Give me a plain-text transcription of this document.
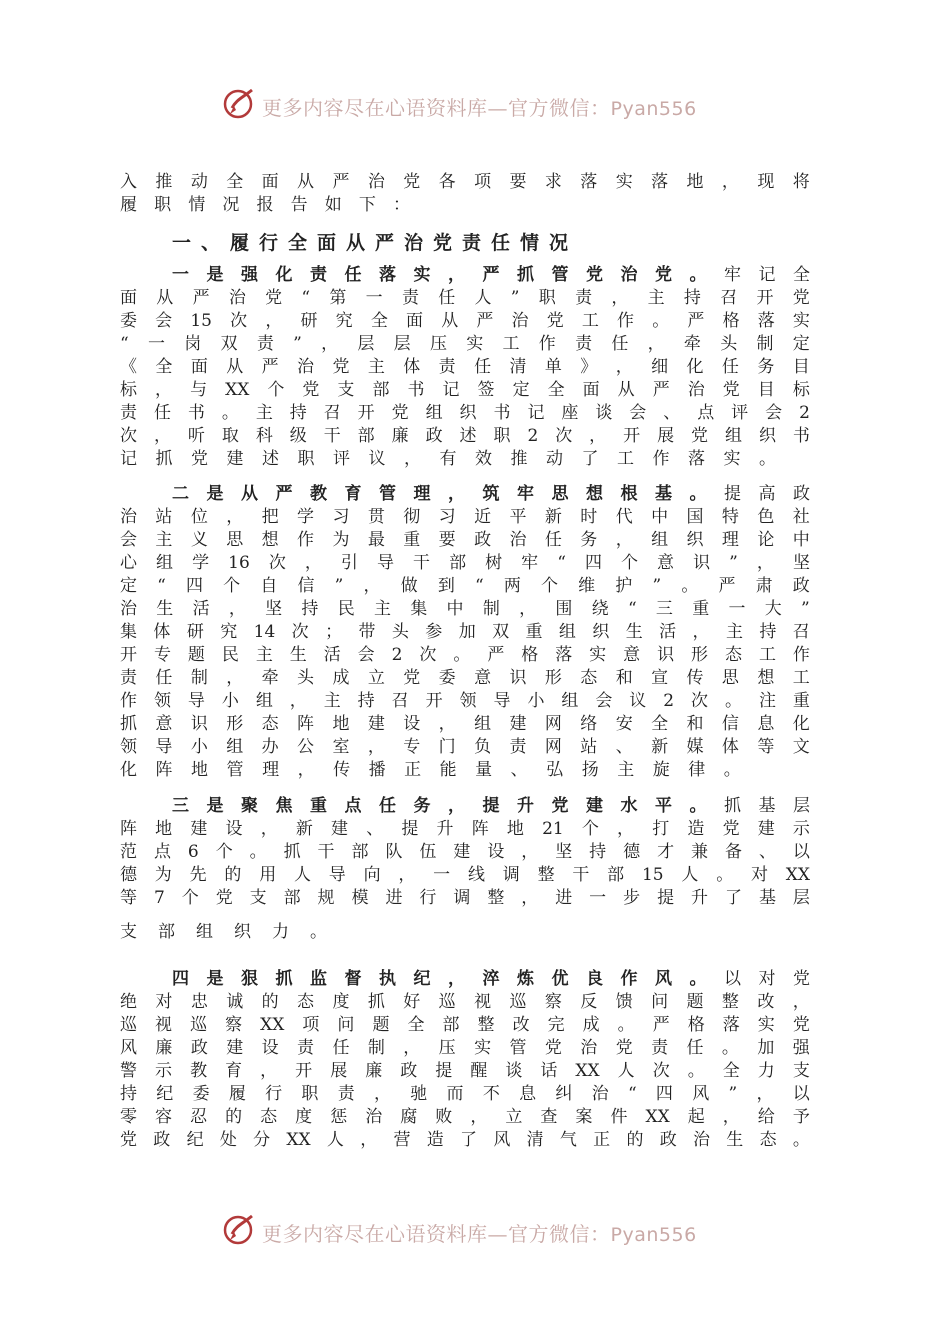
更多内容尽在心语资料库—官方微信：Pyan556
入 推 动 全 面 从 严 治 党 各 项 要 求 落 实 落 地 ， 现 将
履 职 情 况 报 告 如 下 ：
一、履行全面从严治党责任情况
一 是 强 化 责 任 落 实 ， 严 抓 管 党 治 党 。 牢 记 全
面 从 严 治 党 “ 第 一 责 任 人 ” 职 责 ， 主 持 召 开 党
委 会 15 次 ， 研 究 全 面 从 严 治 党 工 作 。 严 格 落 实
“ 一 岗 双 责 ” ， 层 层 压 实 工 作 责 任 ， 牵 头 制 定
《 全 面 从 严 治 党 主 体 责 任 清 单 》 ， 细 化 任 务 目
标 ， 与 XX 个 党 支 部 书 记 签 定 全 面 从 严 治 党 目 标
责 任 书 。 主 持 召 开 党 组 织 书 记 座 谈 会 、 点 评 会 2
次 ， 听 取 科 级 干 部 廉 政 述 职 2 次 ， 开 展 党 组 织 书
记 抓 党 建 述 职 评 议 ， 有 效 推 动 了 工 作 落 实 。
二 是 从 严 教 育 管 理 ， 筑 牢 思 想 根 基 。 提 高 政
治 站 位 ， 把 学 习 贯 彻 习 近 平 新 时 代 中 国 特 色 社
会 主 义 思 想 作 为 最 重 要 政 治 任 务 ， 组 织 理 论 中
心 组 学 16 次 ， 引 导 干 部 树 牢 “ 四 个 意 识 ” ， 坚
定 “ 四 个 自 信 ” ， 做 到 “ 两 个 维 护 ” 。 严 肃 政
治 生 活 ， 坚 持 民 主 集 中 制 ， 围 绕 “ 三 重 一 大 ”
集 体 研 究 14 次 ； 带 头 参 加 双 重 组 织 生 活 ， 主 持 召
开 专 题 民 主 生 活 会 2 次 。 严 格 落 实 意 识 形 态 工 作
责 任 制 ， 牵 头 成 立 党 委 意 识 形 态 和 宣 传 思 想 工
作 领 导 小 组 ， 主 持 召 开 领 导 小 组 会 议 2 次 。 注 重
抓 意 识 形 态 阵 地 建 设 ， 组 建 网 络 安 全 和 信 息 化
领 导 小 组 办 公 室 ， 专 门 负 责 网 站 、 新 媒 体 等 文
化 阵 地 管 理 ， 传 播 正 能 量 、 弘 扬 主 旋 律 。
三 是 聚 焦 重 点 任 务 ， 提 升 党 建 水 平 。 抓 基 层
阵 地 建 设 ， 新 建 、 提 升 阵 地 21 个 ， 打 造 党 建 示
范 点 6 个 。 抓 干 部 队 伍 建 设 ， 坚 持 德 才 兼 备 、 以
德 为 先 的 用 人 导 向 ， 一 线 调 整 干 部 15 人 。 对 XX
等 7 个 党 支 部 规 模 进 行 调 整 ， 进 一 步 提 升 了 基 层
支 部 组 织 力 。
四 是 狠 抓 监 督 执 纪 ， 淬 炼 优 良 作 风 。 以 对 党
绝 对 忠 诚 的 态 度 抓 好 巡 视 巡 察 反 馈 问 题 整 改 ，
巡 视 巡 察 XX 项 问 题 全 部 整 改 完 成 。 严 格 落 实 党
风 廉 政 建 设 责 任 制 ， 压 实 管 党 治 党 责 任 。 加 强
警 示 教 育 ， 开 展 廉 政 提 醒 谈 话 XX 人 次 。 全 力 支
持 纪 委 履 行 职 责 ， 驰 而 不 息 纠 治 “ 四 风 ” ， 以
零 容 忍 的 态 度 惩 治 腐 败 ， 立 查 案 件 XX 起 ， 给 予
党 政 纪 处 分 XX 人 ， 营 造 了 风 清 气 正 的 政 治 生 态 。
更多内容尽在心语资料库—官方微信：Pyan556
